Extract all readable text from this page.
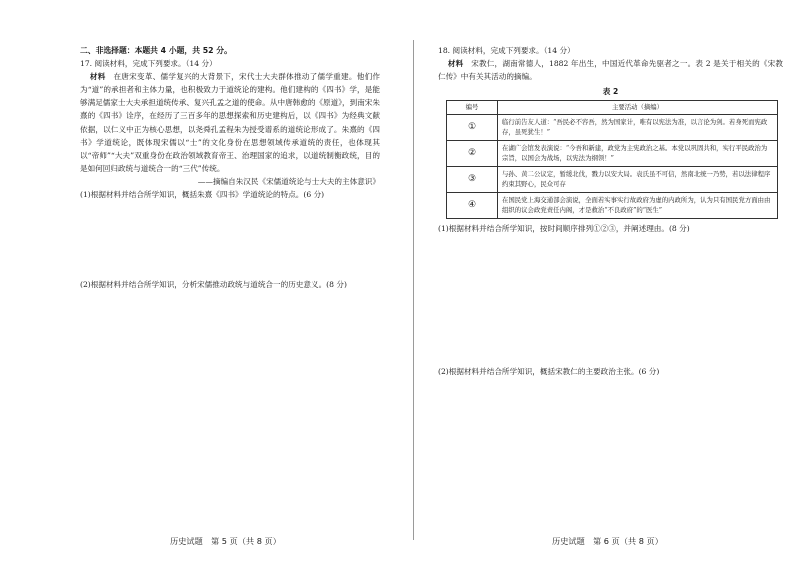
二、非选择题：本题共 4 小题，共 52 分。

17. 阅读材料，完成下列要求。（14 分）

材料　 在唐宋变革、儒学复兴的大背景下，宋代士大夫群体推动了儒学重建。他们作为“道”的承担者和主体力量，也积极致力于道统论的建构。他们建构的《四书》学，是能够满足儒家士大夫承担道统传承、复兴孔孟之道的使命。从中唐韩愈的《原道》，到南宋朱熹的《四书》诠序，在经历了三百多年的思想探索和历史建构后，以《四书》为经典文献依据，以仁义中正为核心思想，以尧舜孔孟程朱为授受谱系的道统论形成了。朱熹的《四书》学道统论，既体现宋儒以“士”的文化身份在思想领域传承道统的责任，也体现其以“帝师”“大夫”双重身份在政治领域教育帝王、治理国家的追求，以道统制衡政统，目的是如何回归政统与道统合一的“三代”传统。

——摘编自朱汉民《宋儒道统论与士大夫的主体意识》

(1)根据材料并结合所学知识，概括朱熹《四书》学道统论的特点。(6 分)

(2)根据材料并结合所学知识，分析宋儒推动政统与道统合一的历史意义。(8 分)

历史试题　第 5 页（共 8 页）

18. 阅读材料，完成下列要求。（14 分）

材料　 宋教仁，湖南常德人，1882 年出生，中国近代革命先驱者之一。表 2 是关于相关的《宋教仁传》中有关其活动的摘编。

表 2

编号	主要活动（摘编）
①	临行前告友人道：“吾民必不容吾，然为国家计，唯有以宪法为准，以言论为剑。若身死而宪政存，虽死犹生！”
②	在湖广会馆发表演说：“今吾和新建，政党为主宪政治之基。本党以巩固共和，实行平民政治为宗旨，以国会为战场，以宪法为纲领！”
③	与孙、黄二公议定，暂缓北伐，戮力以安大局。袁氏虽不可信，然南北统一乃势，若以法律程序约束其野心，民众可存
④	在国民党上海交通部会演说，全面若实事实行故政府为虚的内政所为，认为只有国民党方面由由组织的议会政党责任内阁，才是救治“不良政府”的“医生”

(1)根据材料并结合所学知识，按时间顺序排列①②③，并阐述理由。(8 分)

(2)根据材料并结合所学知识，概括宋教仁的主要政治主张。(6 分)

历史试题　第 6 页（共 8 页）
